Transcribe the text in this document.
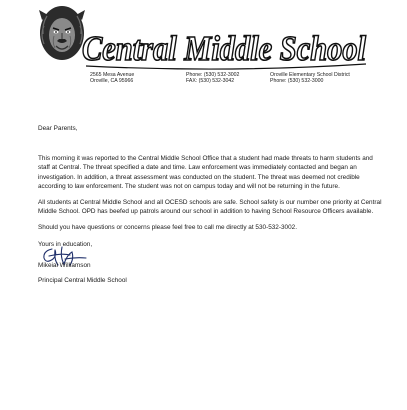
Central Middle School
2565 Mesa Avenue
Oroville, CA 95966
Phone: (530) 532-3002
FAX: (530) 532-3042
Oroville Elementary School District
Phone: (530) 532-3000

Dear Parents,

This morning it was reported to the Central Middle School Office that a student had made threats to harm students and staff at Central. The threat specified a date and time. Law enforcement was immediately contacted and began an investigation. In addition, a threat assessment was conducted on the student. The threat was deemed not credible according to law enforcement. The student was not on campus today and will not be returning in the future.

All students at Central Middle School and all OCESD schools are safe. School safety is our number one priority at Central Middle School. OPD has beefed up patrols around our school in addition to having School Resource Officers available.

Should you have questions or concerns please feel free to call me directly at 530-532-3002.

Yours in education,

Mikeial Williamson

Principal Central Middle School
